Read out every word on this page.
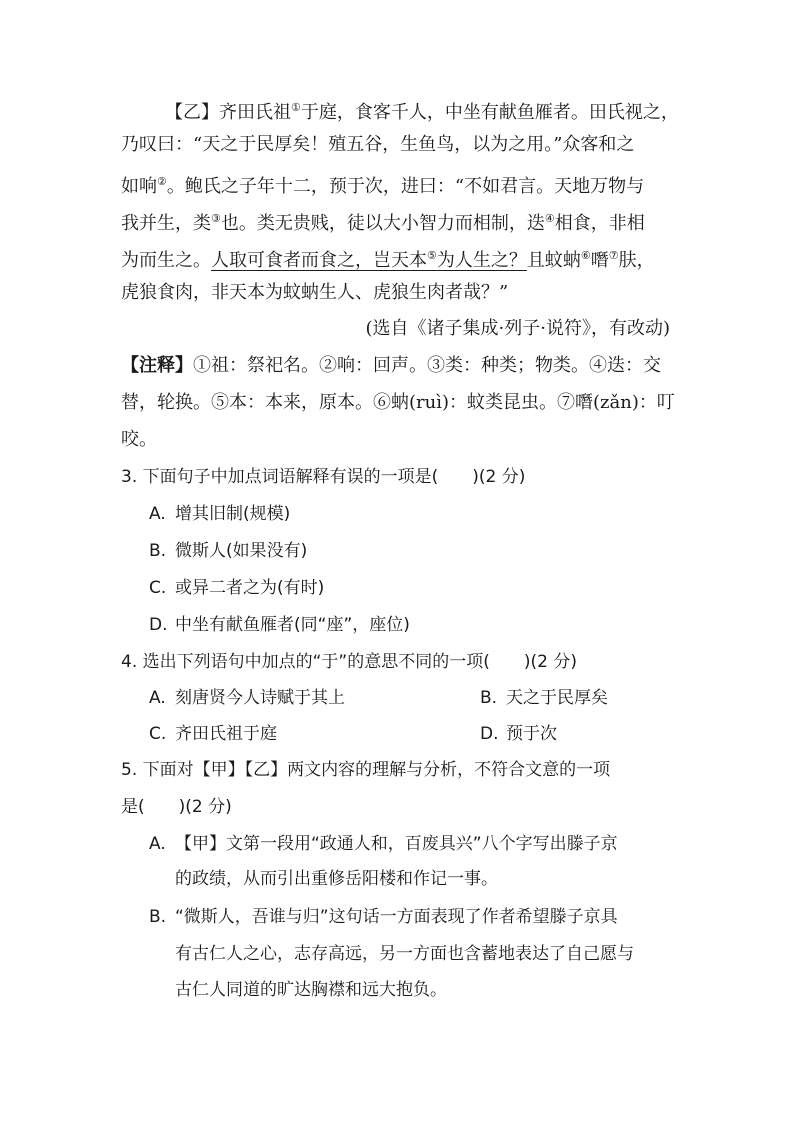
【乙】齐田氏祖①于庭，食客千人，中坐有献鱼雁者。田氏视之，
乃叹曰：“天之于民厚矣！殖五谷，生鱼鸟，以为之用。”众客和之
如响②。鲍氏之子年十二，预于次，进曰：“不如君言。天地万物与
我并生，类③也。类无贵贱，徒以大小智力而相制，迭④相食，非相
为而生之。人取可食者而食之，岂天本⑤为人生之？且蚊蚋⑥噆⑦肤，
虎狼食肉，非天本为蚊蚋生人、虎狼生肉者哉？”
(选自《诸子集成·列子·说符》，有改动)
【注释】①祖：祭祀名。②响：回声。③类：种类；物类。④迭：交
替，轮换。⑤本：本来，原本。⑥蚋(ruì)：蚊类昆虫。⑦噆(zǎn)：叮
咬。
3. 下面句子中加点词语解释有误的一项是(　　)(2 分)
A. 增其旧制(规模)
B. 微斯人(如果没有)
C. 或异二者之为(有时)
D. 中坐有献鱼雁者(同“座”，座位)
4. 选出下列语句中加点的“于”的意思不同的一项(　　)(2 分)
A. 刻唐贤今人诗赋于其上	B. 天之于民厚矣
C. 齐田氏祖于庭	D. 预于次
5. 下面对【甲】【乙】两文内容的理解与分析，不符合文意的一项
是(　　)(2 分)
A. 【甲】文第一段用“政通人和，百废具兴”八个字写出滕子京
的政绩，从而引出重修岳阳楼和作记一事。
B. “微斯人，吾谁与归”这句话一方面表现了作者希望滕子京具
有古仁人之心，志存高远，另一方面也含蓄地表达了自己愿与
古仁人同道的旷达胸襟和远大抱负。
